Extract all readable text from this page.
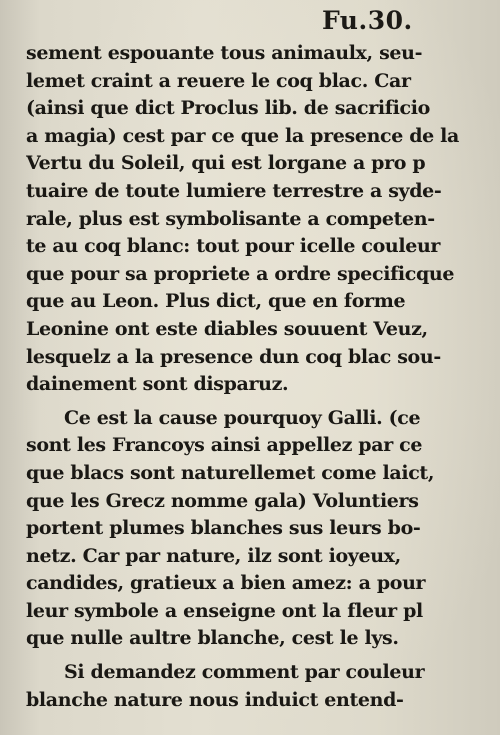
Fu.30.
sement espouante tous animaulx, seu-
lemet craint a reuere le coq blac. Car
(ainsi que dict Proclus lib. de sacrificio
a magia) cest par ce que la presence de la
Vertu du Soleil, qui est lorgane a pro p
tuaire de toute lumiere terrestre a syde-
rale, plus est symbolisante a competen-
te au coq blanc: tout pour icelle couleur
que pour sa propriete a ordre specificque
que au Leon. Plus dict, que en forme
Leonine ont este diables souuent Veuz,
lesquelz a la presence dun coq blac sou-
dainement sont disparuz.
Ce est la cause pourquoy Galli. (ce
sont les Francoys ainsi appellez par ce
que blacs sont naturellemet come laict,
que les Grecz nomme gala) Voluntiers
portent plumes blanches sus leurs bo-
netz. Car par nature, ilz sont ioyeux,
candides, gratieux a bien amez: a pour
leur symbole a enseigne ont la fleur pl
que nulle aultre blanche, cest le lys.
Si demandez comment par couleur
blanche nature nous induict entend-
